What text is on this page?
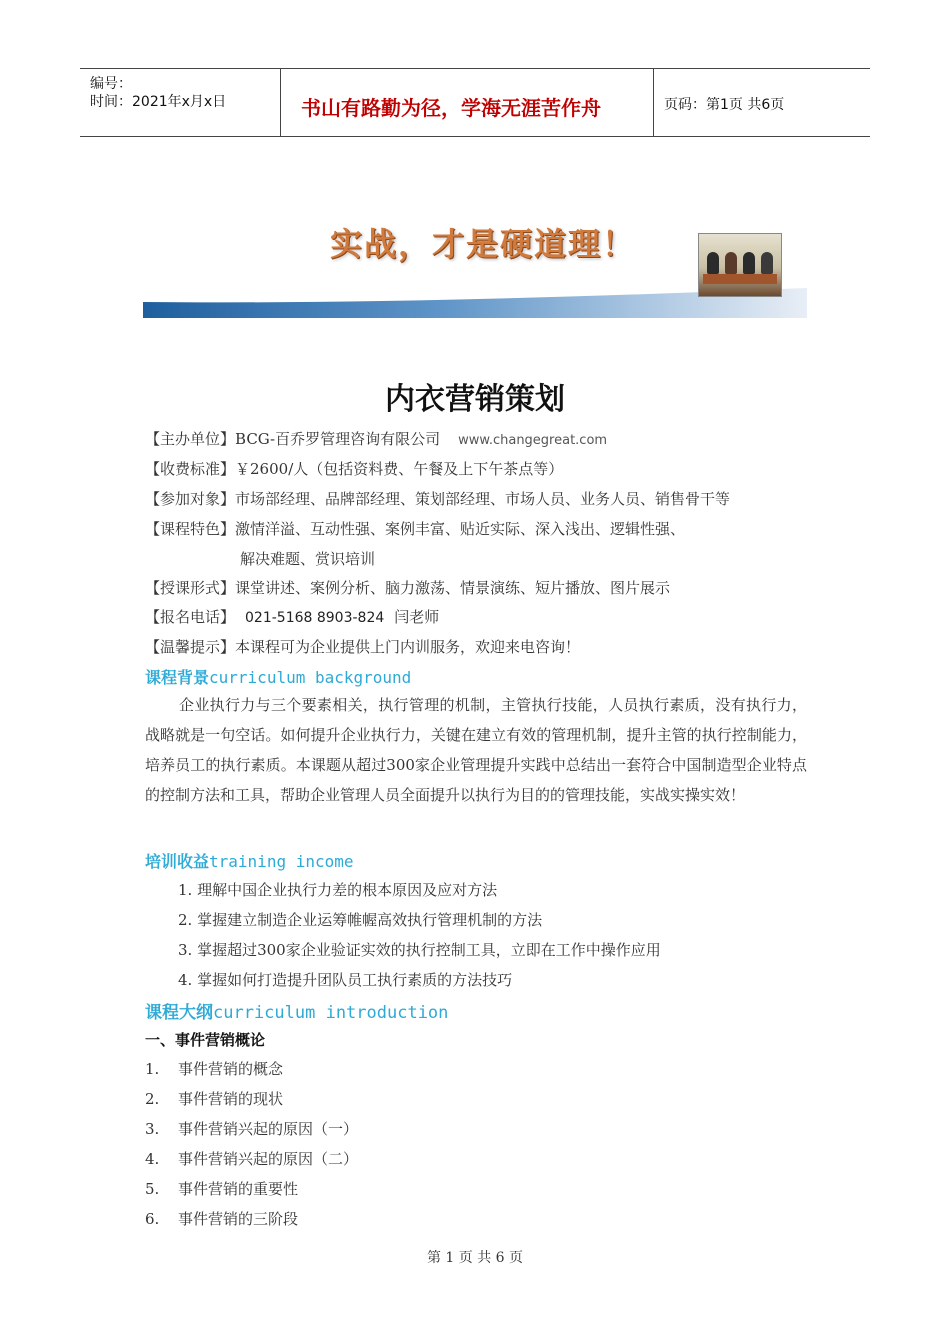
编号：
时间：2021年x月x日	书山有路勤为径，学海无涯苦作舟	页码：第1页 共6页
实战，才是硬道理！
内衣营销策划
【主办单位】BCG-百乔罗管理咨询有限公司 www.changegreat.com
【收费标准】￥2600/人（包括资料费、午餐及上下午茶点等）
【参加对象】市场部经理、品牌部经理、策划部经理、市场人员、业务人员、销售骨干等
【课程特色】激情洋溢、互动性强、案例丰富、贴近实际、深入浅出、逻辑性强、
解决难题、赏识培训
【授课形式】课堂讲述、案例分析、脑力激荡、情景演练、短片播放、图片展示
【报名电话】 021-5168 8903-824 闫老师
【温馨提示】本课程可为企业提供上门内训服务，欢迎来电咨询！
课程背景curriculum background
企业执行力与三个要素相关，执行管理的机制，主管执行技能，人员执行素质，没有执行力，战略就是一句空话。如何提升企业执行力，关键在建立有效的管理机制，提升主管的执行控制能力，培养员工的执行素质。本课题从超过300家企业管理提升实践中总结出一套符合中国制造型企业特点的控制方法和工具，帮助企业管理人员全面提升以执行为目的的管理技能，实战实操实效！
培训收益training income
1. 理解中国企业执行力差的根本原因及应对方法
2. 掌握建立制造企业运筹帷幄高效执行管理机制的方法
3. 掌握超过300家企业验证实效的执行控制工具，立即在工作中操作应用
4. 掌握如何打造提升团队员工执行素质的方法技巧
课程大纲curriculum introduction
一、事件营销概论
1. 事件营销的概念
2. 事件营销的现状
3. 事件营销兴起的原因（一）
4. 事件营销兴起的原因（二）
5. 事件营销的重要性
6. 事件营销的三阶段
第 1 页 共 6 页
